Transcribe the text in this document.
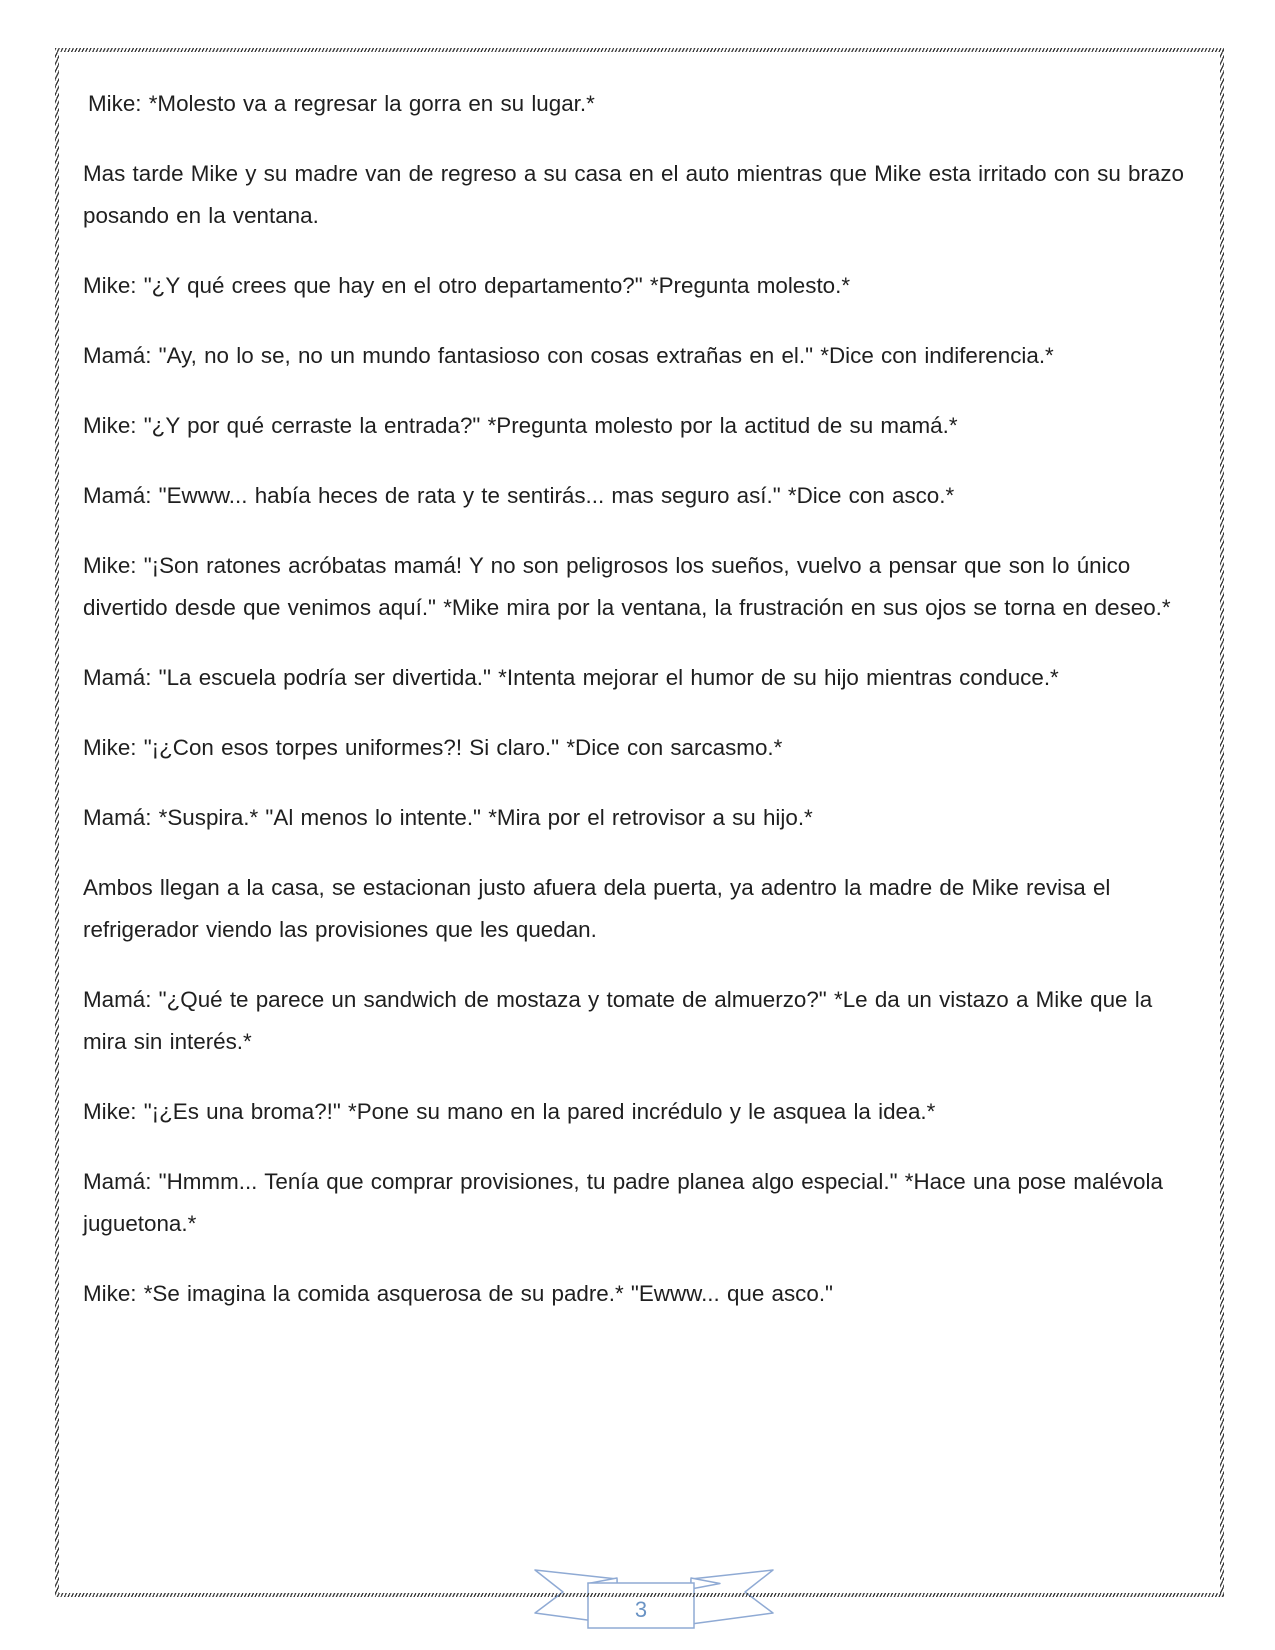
Mike: *Molesto va a regresar la gorra en su lugar.*

Mas tarde Mike y su madre van de regreso a su casa en el auto mientras que Mike esta irritado con su brazo posando en la ventana.

Mike: "¿Y qué crees que hay en el otro departamento?" *Pregunta molesto.*

Mamá: "Ay, no lo se, no un mundo fantasioso con cosas extrañas en el." *Dice con indiferencia.*

Mike: "¿Y por qué cerraste la entrada?" *Pregunta molesto por la actitud de su mamá.*

Mamá: "Ewww... había heces de rata y te sentirás... mas seguro así." *Dice con asco.*

Mike: "¡Son ratones acróbatas mamá! Y no son peligrosos los sueños, vuelvo a pensar que son lo único divertido desde que venimos aquí." *Mike mira por la ventana, la frustración en sus ojos se torna en deseo.*

Mamá: "La escuela podría ser divertida." *Intenta mejorar el humor de su hijo mientras conduce.*

Mike: "¡¿Con esos torpes uniformes?! Si claro." *Dice con sarcasmo.*

Mamá: *Suspira.* "Al menos lo intente." *Mira por el retrovisor a su hijo.*

Ambos llegan a la casa, se estacionan justo afuera dela puerta, ya adentro la madre de Mike revisa el refrigerador viendo las provisiones que les quedan.

Mamá: "¿Qué te parece un sandwich de mostaza y tomate de almuerzo?" *Le da un vistazo a Mike que la mira sin interés.*

Mike: "¡¿Es una broma?!" *Pone su mano en la pared incrédulo y le asquea la idea.*

Mamá: "Hmmm... Tenía que comprar provisiones, tu padre planea algo especial." *Hace una pose malévola juguetona.*

Mike: *Se imagina la comida asquerosa de su padre.* "Ewww... que asco."

3
